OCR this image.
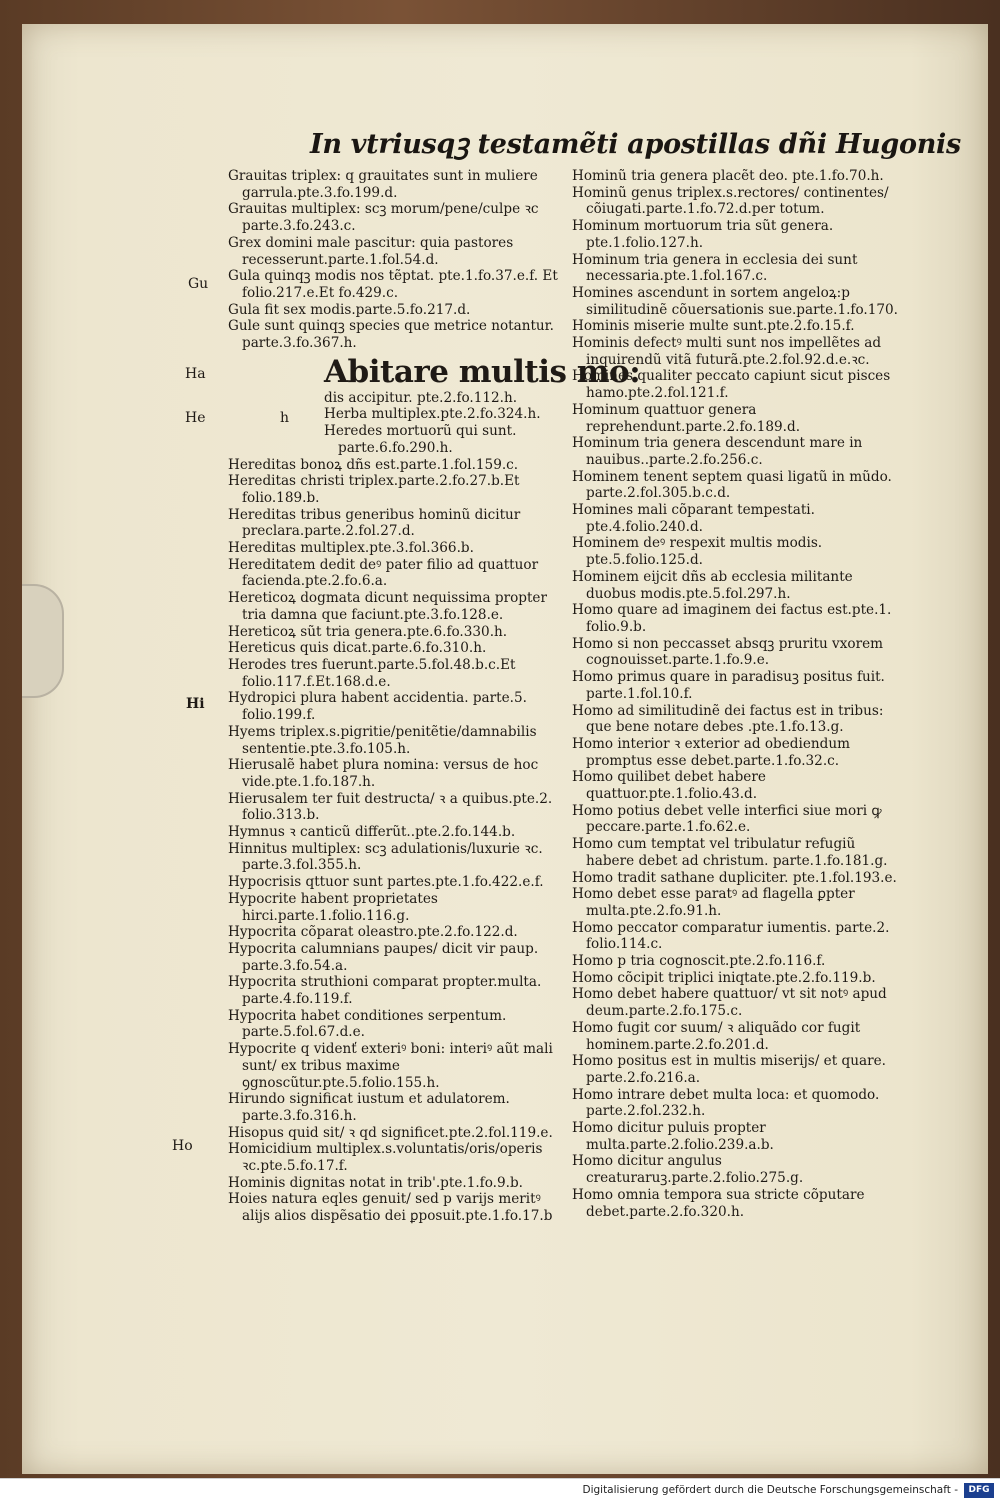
In vtriusqꝫ testamẽti apostillas dñi Hugonis
Gu
Ha
He	h
Hi
Ho

Grauitas triplex: q grauitates sunt in muliere garrula.pte.3.fo.199.d.

Grauitas multiplex: scꝫ morum/pene/culpe ꝛc parte.3.fo.243.c.

Grex domini male pascitur: quia pastores recesserunt.parte.1.fol.54.d.

Gula quinqꝫ modis nos tẽptat. pte.1.fo.37.e.f. Et folio.217.e.Et fo.429.c.

Gula fit sex modis.parte.5.fo.217.d.

Gule sunt quinqꝫ species que metrice notantur. parte.3.fo.367.h.

Abitare multis mo:

dis accipitur. pte.2.fo.112.h.

Herba multiplex.pte.2.fo.324.h.

Heredes mortuorũ qui sunt. parte.6.fo.290.h.

Hereditas bonoꝝ dñs est.parte.1.fol.159.c.

Hereditas christi triplex.parte.2.fo.27.b.Et folio.189.b.

Hereditas tribus generibus hominũ dicitur preclara.parte.2.fol.27.d.

Hereditas multiplex.pte.3.fol.366.b.

Hereditatem dedit deꝰ pater filio ad quattuor facienda.pte.2.fo.6.a.

Hereticoꝝ dogmata dicunt nequissima propter tria damna que faciunt.pte.3.fo.128.e.

Hereticoꝝ sũt tria genera.pte.6.fo.330.h.

Hereticus quis dicat.parte.6.fo.310.h.

Herodes tres fuerunt.parte.5.fol.48.b.c.Et folio.117.f.Et.168.d.e.

Hydropici plura habent accidentia. parte.5. folio.199.f.

Hyems triplex.s.pigritie/penitẽtie/damnabilis sententie.pte.3.fo.105.h.

Hierusalẽ habet plura nomina: versus de hoc vide.pte.1.fo.187.h.

Hierusalem ter fuit destructa/ ꝛ a quibus.pte.2. folio.313.b.

Hymnus ꝛ canticũ differũt..pte.2.fo.144.b.

Hinnitus multiplex: scꝫ adulationis/luxurie ꝛc. parte.3.fol.355.h.

Hypocrisis qttuor sunt partes.pte.1.fo.422.e.f.

Hypocrite habent proprietates hirci.parte.1.folio.116.g.

Hypocrita cõparat oleastro.pte.2.fo.122.d.

Hypocrita calumnians paupes/ dicit vir paup. parte.3.fo.54.a.

Hypocrita struthioni comparat propter.multa. parte.4.fo.119.f.

Hypocrita habet conditiones serpentum. parte.5.fol.67.d.e.

Hypocrite q videnť exteriꝰ boni: interiꝰ aũt mali sunt/ ex tribus maxime ꝯgnoscũtur.pte.5.folio.155.h.

Hirundo significat iustum et adulatorem. parte.3.fo.316.h.

Hisopus quid sit/ ꝛ qd significet.pte.2.fol.119.e.

Homicidium multiplex.s.voluntatis/oris/operis ꝛc.pte.5.fo.17.f.

Hominis dignitas notat in trib'.pte.1.fo.9.b.

Hoies natura eqles genuit/ sed p varijs meritꝰ alijs alios dispẽsatio dei ꝑposuit.pte.1.fo.17.b

Hominũ tria genera placẽt deo. pte.1.fo.70.h.

Hominũ genus triplex.s.rectores/ continentes/ cõiugati.parte.1.fo.72.d.per totum.

Hominum mortuorum tria sũt genera. pte.1.folio.127.h.

Hominum tria genera in ecclesia dei sunt necessaria.pte.1.fol.167.c.

Homines ascendunt in sortem angeloꝝ:p similitudinẽ cõuersationis sue.parte.1.fo.170.

Hominis miserie multe sunt.pte.2.fo.15.f.

Hominis defectꝰ multi sunt nos impellẽtes ad inquirendũ vitã futurã.pte.2.fol.92.d.e.ꝛc.

Homines qualiter peccato capiunt sicut pisces hamo.pte.2.fol.121.f.

Hominum quattuor genera reprehendunt.parte.2.fo.189.d.

Hominum tria genera descendunt mare in nauibus..parte.2.fo.256.c.

Hominem tenent septem quasi ligatũ in mũdo. parte.2.fol.305.b.c.d.

Homines mali cõparant tempestati. pte.4.folio.240.d.

Hominem deꝰ respexit multis modis. pte.5.folio.125.d.

Hominem eijcit dñs ab ecclesia militante duobus modis.pte.5.fol.297.h.

Homo quare ad imaginem dei factus est.pte.1. folio.9.b.

Homo si non peccasset absqꝫ pruritu vxorem cognouisset.parte.1.fo.9.e.

Homo primus quare in paradisuꝫ positus fuit. parte.1.fol.10.f.

Homo ad similitudinẽ dei factus est in tribus: que bene notare debes .pte.1.fo.13.g.

Homo interior ꝛ exterior ad obediendum promptus esse debet.parte.1.fo.32.c.

Homo quilibet debet habere quattuor.pte.1.folio.43.d.

Homo potius debet velle interfici siue mori ꝙ peccare.parte.1.fo.62.e.

Homo cum temptat vel tribulatur refugiũ habere debet ad christum. parte.1.fo.181.g.

Homo tradit sathane dupliciter. pte.1.fol.193.e.

Homo debet esse paratꝰ ad flagella ꝑpter multa.pte.2.fo.91.h.

Homo peccator comparatur iumentis. parte.2. folio.114.c.

Homo p tria cognoscit.pte.2.fo.116.f.

Homo cõcipit triplici iniqtate.pte.2.fo.119.b.

Homo debet habere quattuor/ vt sit notꝰ apud deum.parte.2.fo.175.c.

Homo fugit cor suum/ ꝛ aliquãdo cor fugit hominem.parte.2.fo.201.d.

Homo positus est in multis miserijs/ et quare. parte.2.fo.216.a.

Homo intrare debet multa loca: et quomodo. parte.2.fol.232.h.

Homo dicitur puluis propter multa.parte.2.folio.239.a.b.

Homo dicitur angulus creaturaruꝫ.parte.2.folio.275.g.

Homo omnia tempora sua stricte cõputare debet.parte.2.fo.320.h.

Digitalisierung gefördert durch die Deutsche Forschungsgemeinschaft -	DFG
